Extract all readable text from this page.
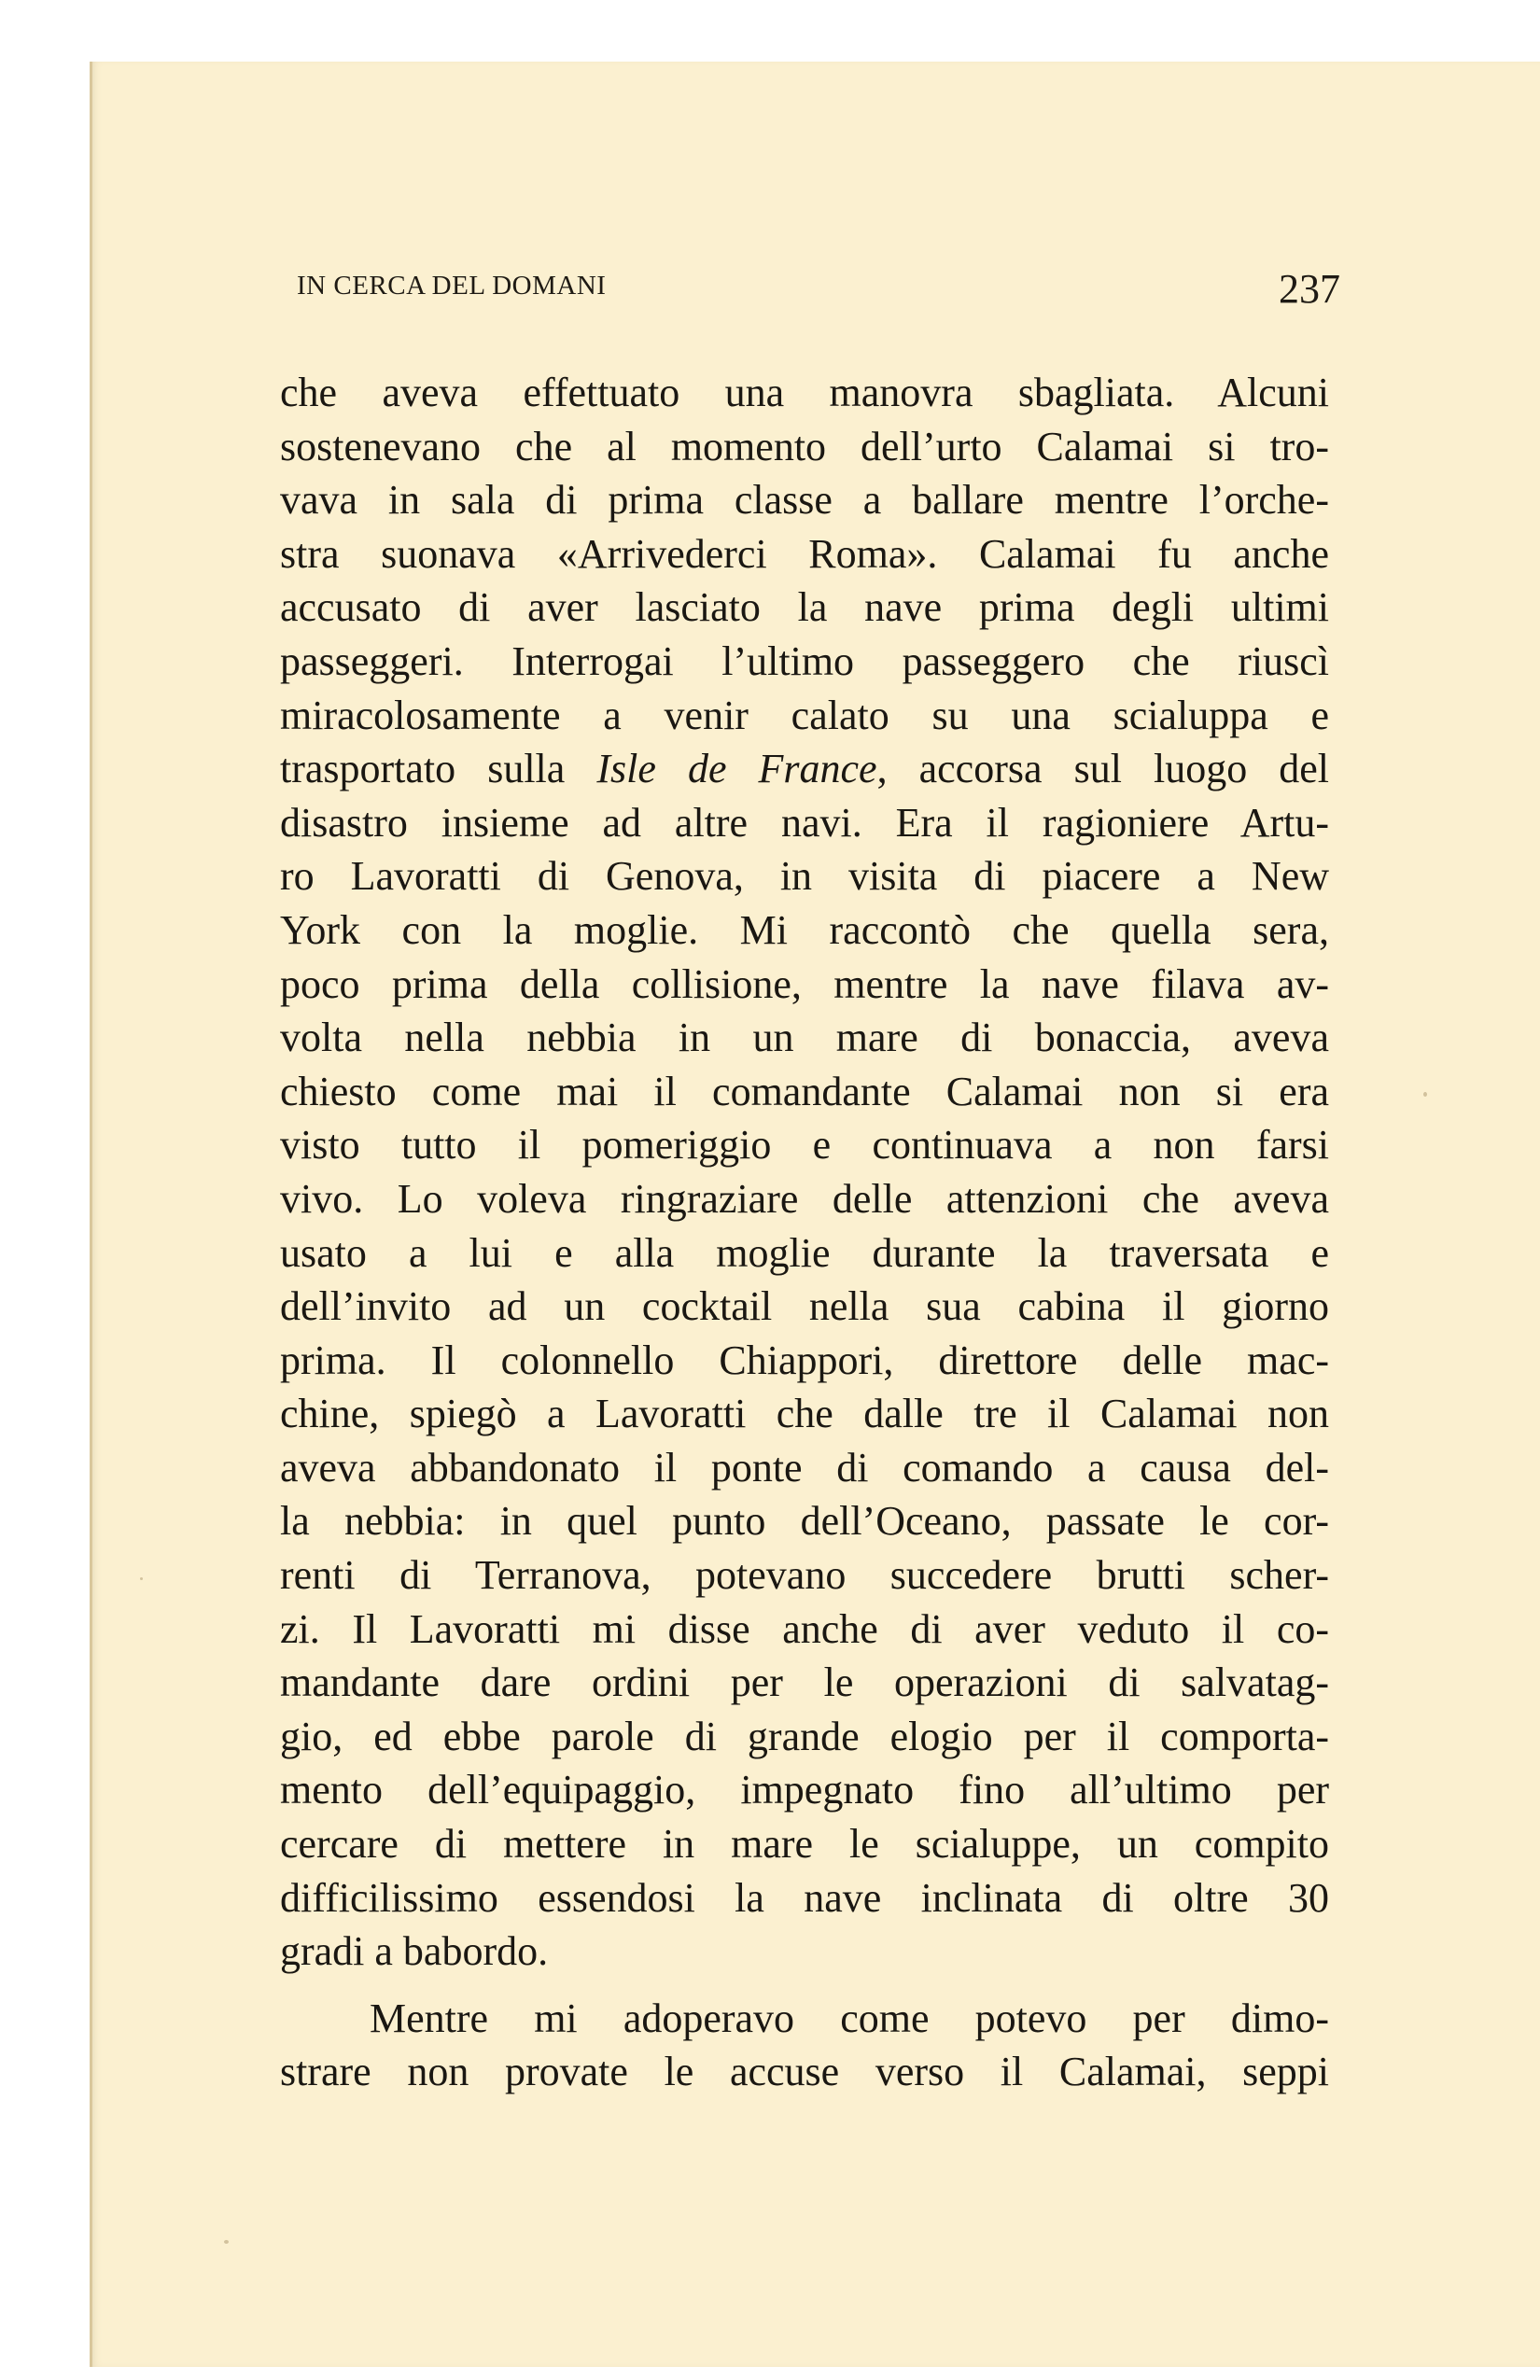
IN CERCA DEL DOMANI	237
che aveva effettuato una manovra sbagliata. Alcuni
sostenevano che al momento dell’urto Calamai si tro-
vava in sala di prima classe a ballare mentre l’orche-
stra suonava «Arrivederci Roma». Calamai fu anche
accusato di aver lasciato la nave prima degli ultimi
passeggeri. Interrogai l’ultimo passeggero che riuscì
miracolosamente a venir calato su una scialuppa e
trasportato sulla Isle de France, accorsa sul luogo del
disastro insieme ad altre navi. Era il ragioniere Artu-
ro Lavoratti di Genova, in visita di piacere a New
York con la moglie. Mi raccontò che quella sera,
poco prima della collisione, mentre la nave filava av-
volta nella nebbia in un mare di bonaccia, aveva
chiesto come mai il comandante Calamai non si era
visto tutto il pomeriggio e continuava a non farsi
vivo. Lo voleva ringraziare delle attenzioni che aveva
usato a lui e alla moglie durante la traversata e
dell’invito ad un cocktail nella sua cabina il giorno
prima. Il colonnello Chiappori, direttore delle mac-
chine, spiegò a Lavoratti che dalle tre il Calamai non
aveva abbandonato il ponte di comando a causa del-
la nebbia: in quel punto dell’Oceano, passate le cor-
renti di Terranova, potevano succedere brutti scher-
zi. Il Lavoratti mi disse anche di aver veduto il co-
mandante dare ordini per le operazioni di salvatag-
gio, ed ebbe parole di grande elogio per il comporta-
mento dell’equipaggio, impegnato fino all’ultimo per
cercare di mettere in mare le scialuppe, un compito
difficilissimo essendosi la nave inclinata di oltre 30
gradi a babordo.
Mentre mi adoperavo come potevo per dimo-
strare non provate le accuse verso il Calamai, seppi
